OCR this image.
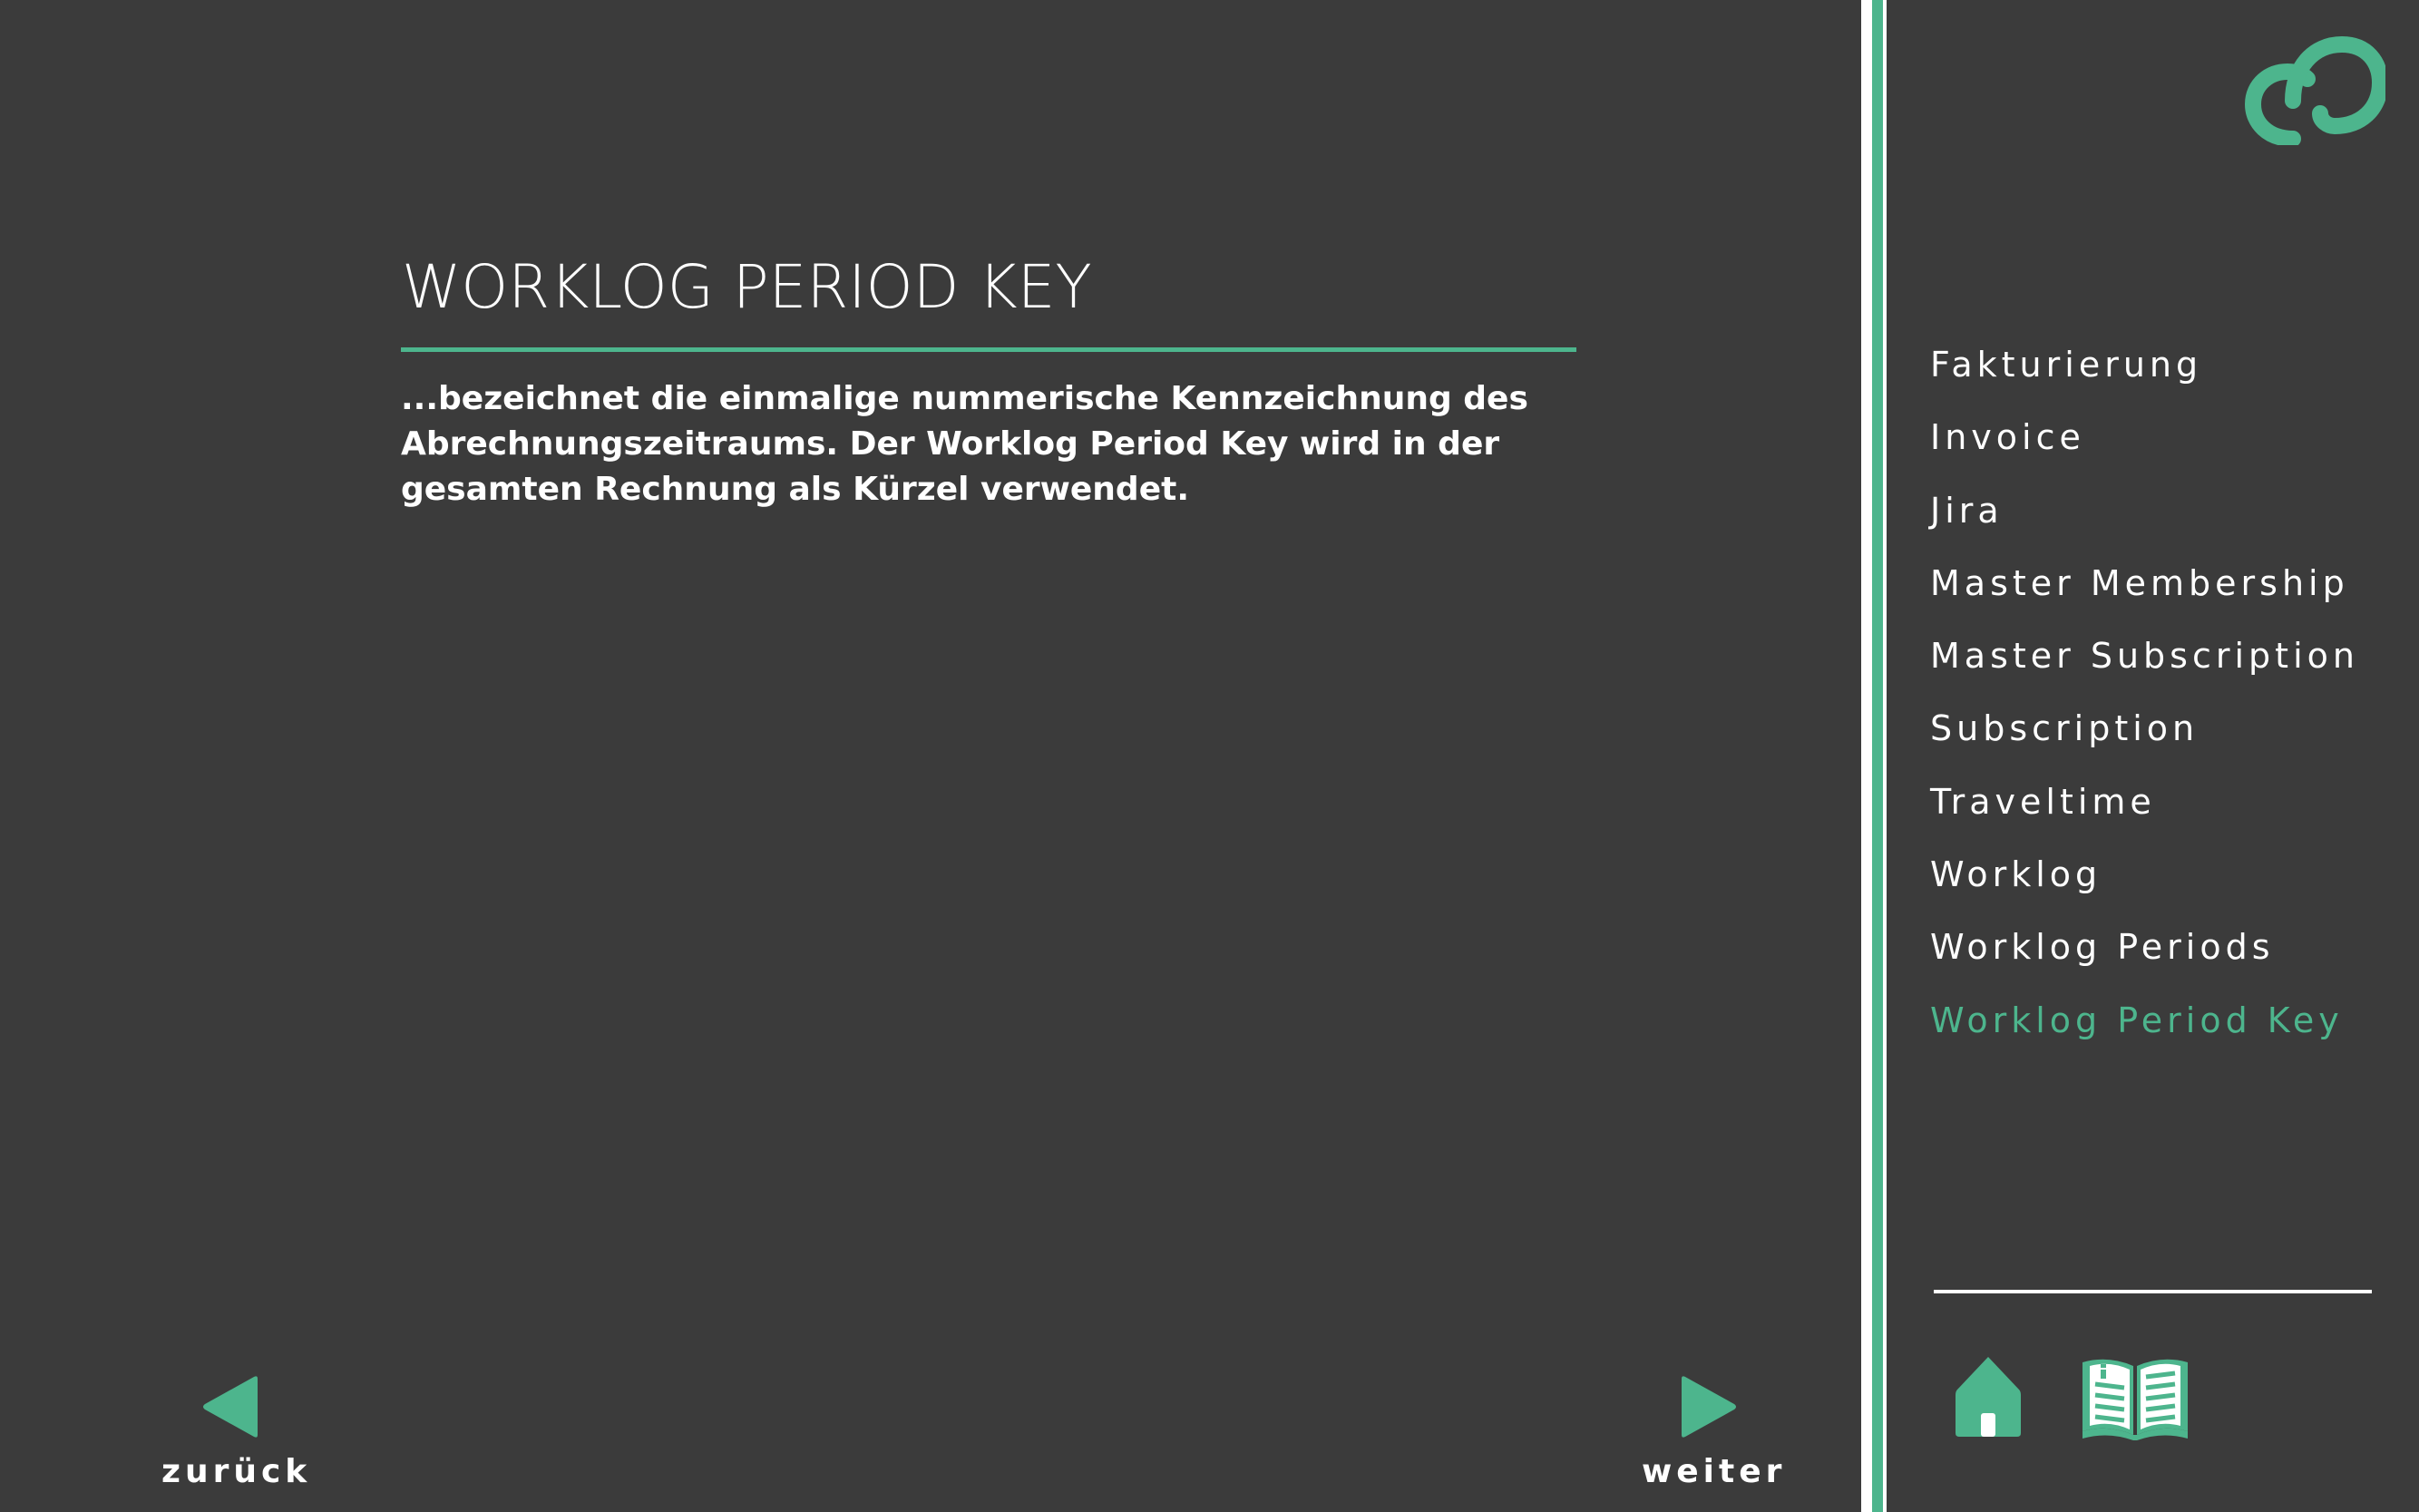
WORKLOG PERIOD KEY

...bezeichnet die einmalige nummerische Kennzeichnung des Abrechnungszeitraums. Der Worklog Period Key wird in der gesamten Rechnung als Kürzel verwendet.

zurück	weiter
Fakturierung
Invoice
Jira
Master Membership
Master Subscription
Subscription
Traveltime
Worklog
Worklog Periods
Worklog Period Key
